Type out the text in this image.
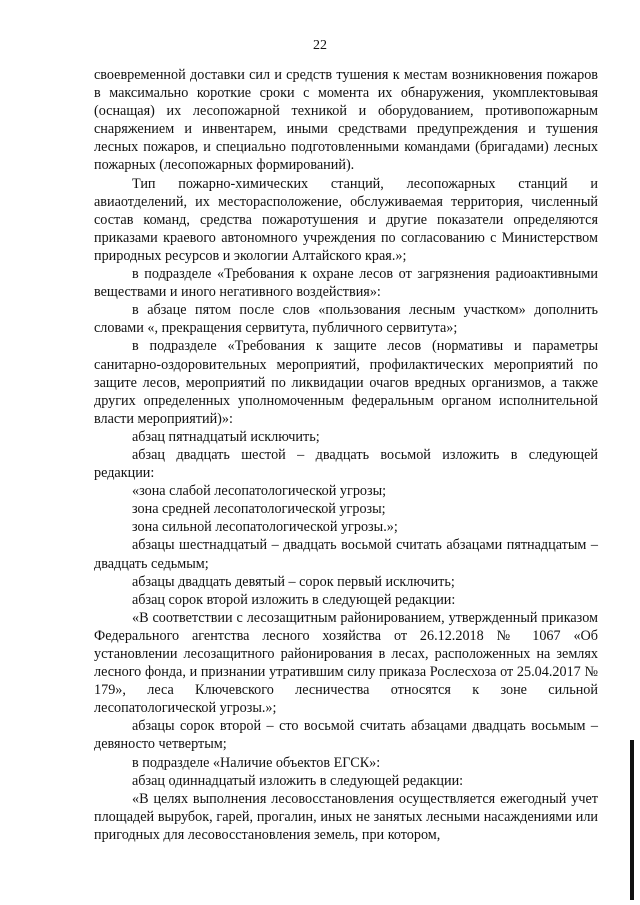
22

своевременной доставки сил и средств тушения к местам возникновения пожаров в максимально короткие сроки с момента их обнаружения, укомплектовывая (оснащая) их лесопожарной техникой и оборудованием, противопожарным снаряжением и инвентарем, иными средствами предупреждения и тушения лесных пожаров, и специально подготовленными командами (бригадами) лесных пожарных (лесопожарных формирований).

Тип пожарно-химических станций, лесопожарных станций и авиаотделений, их месторасположение, обслуживаемая территория, численный состав команд, средства пожаротушения и другие показатели определяются приказами краевого автономного учреждения по согласованию с Министерством природных ресурсов и экологии Алтайского края.»;

в подразделе «Требования к охране лесов от загрязнения радиоактивными веществами и иного негативного воздействия»:

в абзаце пятом после слов «пользования лесным участком» дополнить словами «, прекращения сервитута, публичного сервитута»;

в подразделе «Требования к защите лесов (нормативы и параметры санитарно-оздоровительных мероприятий, профилактических мероприятий по защите лесов, мероприятий по ликвидации очагов вредных организмов, а также других определенных уполномоченным федеральным органом исполнительной власти мероприятий)»:

абзац пятнадцатый исключить;

абзац двадцать шестой – двадцать восьмой изложить в следующей редакции:

«зона слабой лесопатологической угрозы;

зона средней лесопатологической угрозы;

зона сильной лесопатологической угрозы.»;

абзацы шестнадцатый – двадцать восьмой считать абзацами пятнадцатым – двадцать седьмым;

абзацы двадцать девятый – сорок первый исключить;

абзац сорок второй изложить в следующей редакции:

«В соответствии с лесозащитным районированием, утвержденный приказом Федерального агентства лесного хозяйства от 26.12.2018 № 1067 «Об установлении лесозащитного районирования в лесах, расположенных на землях лесного фонда, и признании утратившим силу приказа Рослесхоза от 25.04.2017 № 179», леса Ключевского лесничества относятся к зоне сильной лесопатологической угрозы.»;

абзацы сорок второй – сто восьмой считать абзацами двадцать восьмым – девяносто четвертым;

в подразделе «Наличие объектов ЕГСК»:

абзац одиннадцатый изложить в следующей редакции:

«В целях выполнения лесовосстановления осуществляется ежегодный учет площадей вырубок, гарей, прогалин, иных не занятых лесными насаждениями или пригодных для лесовосстановления земель, при котором,
